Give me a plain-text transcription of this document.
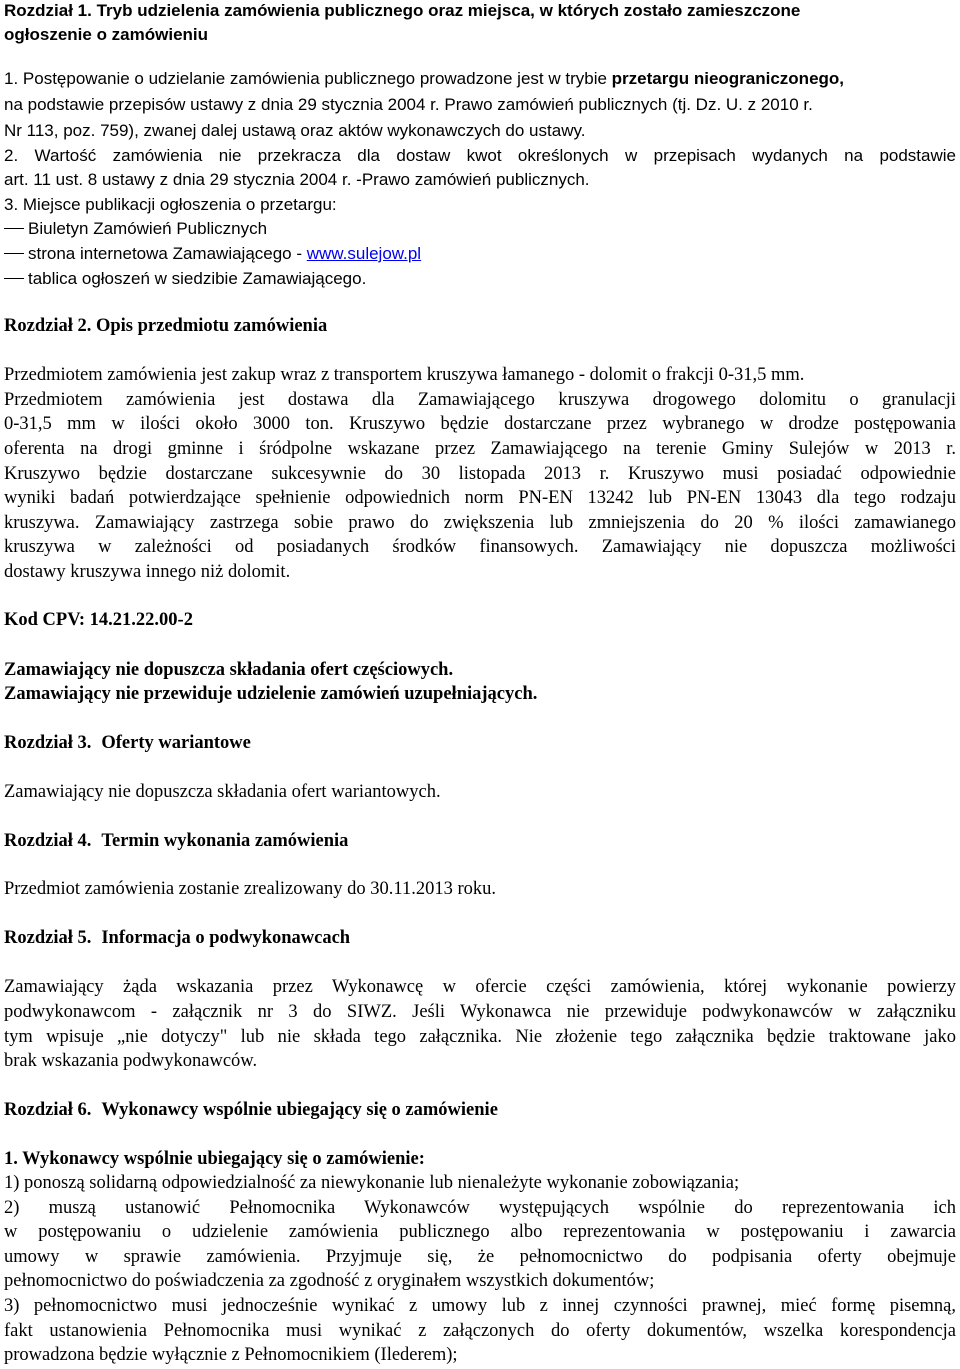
Rozdział 1. Tryb udzielenia zamówienia publicznego oraz miejsca, w których zostało zamieszczone
ogłoszenie o zamówieniu
1. Postępowanie o udzielanie zamówienia publicznego prowadzone jest w trybie przetargu nieograniczonego,
na podstawie przepisów ustawy z dnia 29 stycznia 2004 r. Prawo zamówień publicznych (tj. Dz. U. z 2010 r.
Nr 113, poz. 759), zwanej dalej ustawą oraz aktów wykonawczych do ustawy.
2. Wartość zamówienia nie przekracza dla dostaw kwot określonych w przepisach wydanych na podstawie
art. 11 ust. 8 ustawy z dnia 29 stycznia 2004 r. -Prawo zamówień publicznych.
3. Miejsce publikacji ogłoszenia o przetargu:
Biuletyn Zamówień Publicznych
strona internetowa Zamawiającego - www.sulejow.pl
tablica ogłoszeń w siedzibie Zamawiającego.
Rozdział 2. Opis przedmiotu zamówienia
Przedmiotem zamówienia jest zakup wraz z transportem kruszywa łamanego - dolomit o frakcji 0-31,5 mm.
Przedmiotem zamówienia jest dostawa dla Zamawiającego kruszywa drogowego dolomitu o granulacji
0-31,5 mm w ilości około 3000 ton. Kruszywo będzie dostarczane przez wybranego w drodze postępowania
oferenta na drogi gminne i śródpolne wskazane przez Zamawiającego na terenie Gminy Sulejów w 2013 r.
Kruszywo będzie dostarczane sukcesywnie do 30 listopada 2013 r. Kruszywo musi posiadać odpowiednie
wyniki badań potwierdzające spełnienie odpowiednich norm PN-EN 13242 lub PN-EN 13043 dla tego rodzaju
kruszywa. Zamawiający zastrzega sobie prawo do zwiększenia lub zmniejszenia do 20 % ilości zamawianego
kruszywa w zależności od posiadanych środków finansowych. Zamawiający nie dopuszcza możliwości
dostawy kruszywa innego niż dolomit.
Kod CPV: 14.21.22.00-2
Zamawiający nie dopuszcza składania ofert częściowych.
Zamawiający nie przewiduje udzielenie zamówień uzupełniających.
Rozdział 3. Oferty wariantowe
Zamawiający nie dopuszcza składania ofert wariantowych.
Rozdział 4. Termin wykonania zamówienia
Przedmiot zamówienia zostanie zrealizowany do 30.11.2013 roku.
Rozdział 5. Informacja o podwykonawcach
Zamawiający żąda wskazania przez Wykonawcę w ofercie części zamówienia, której wykonanie powierzy
podwykonawcom - załącznik nr 3 do SIWZ. Jeśli Wykonawca nie przewiduje podwykonawców w załączniku
tym wpisuje „nie dotyczy" lub nie składa tego załącznika. Nie złożenie tego załącznika będzie traktowane jako
brak wskazania podwykonawców.
Rozdział 6. Wykonawcy wspólnie ubiegający się o zamówienie
1. Wykonawcy wspólnie ubiegający się o zamówienie:
1) ponoszą solidarną odpowiedzialność za niewykonanie lub nienależyte wykonanie zobowiązania;
2) muszą ustanowić Pełnomocnika Wykonawców występujących wspólnie do reprezentowania ich
w postępowaniu o udzielenie zamówienia publicznego albo reprezentowania w postępowaniu i zawarcia
umowy w sprawie zamówienia. Przyjmuje się, że pełnomocnictwo do podpisania oferty obejmuje
pełnomocnictwo do poświadczenia za zgodność z oryginałem wszystkich dokumentów;
3) pełnomocnictwo musi jednocześnie wynikać z umowy lub z innej czynności prawnej, mieć formę pisemną,
fakt ustanowienia Pełnomocnika musi wynikać z załączonych do oferty dokumentów, wszelka korespondencja
prowadzona będzie wyłącznie z Pełnomocnikiem (Ilederem);
